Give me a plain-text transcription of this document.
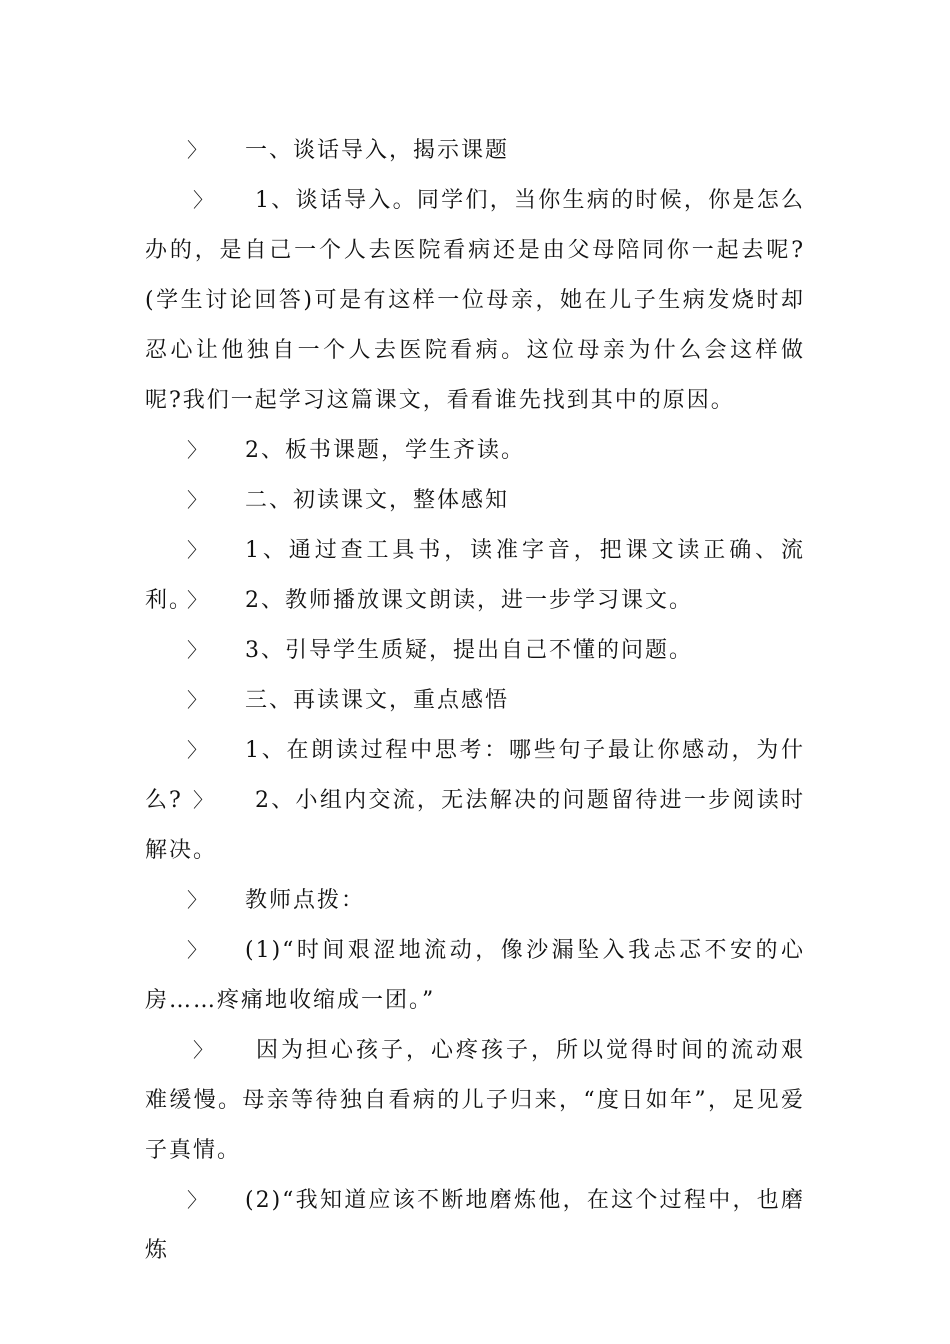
〉 一、谈话导入，揭示课题

〉 1、谈话导入。同学们，当你生病的时候，你是怎么办的，是自己一个人去医院看病还是由父母陪同你一起去呢?(学生讨论回答)可是有这样一位母亲，她在儿子生病发烧时却忍心让他独自一个人去医院看病。这位母亲为什么会这样做呢?我们一起学习这篇课文，看看谁先找到其中的原因。

〉 2、板书课题，学生齐读。

〉 二、初读课文，整体感知

〉 1、通过查工具书，读准字音，把课文读正确、流利。

〉 2、教师播放课文朗读，进一步学习课文。

〉 3、引导学生质疑，提出自己不懂的问题。

〉 三、再读课文，重点感悟

〉 1、在朗读过程中思考：哪些句子最让你感动，为什么? 〉 2、小组内交流，无法解决的问题留待进一步阅读时解决。

〉 教师点拨：

〉 (1)“时间艰涩地流动，像沙漏坠入我忐忑不安的心房……疼痛地收缩成一团。”

〉 因为担心孩子，心疼孩子，所以觉得时间的流动艰难缓慢。母亲等待独自看病的儿子归来，“度日如年”，足见爱子真情。

〉 (2)“我知道应该不断地磨炼他，在这个过程中，也磨炼
